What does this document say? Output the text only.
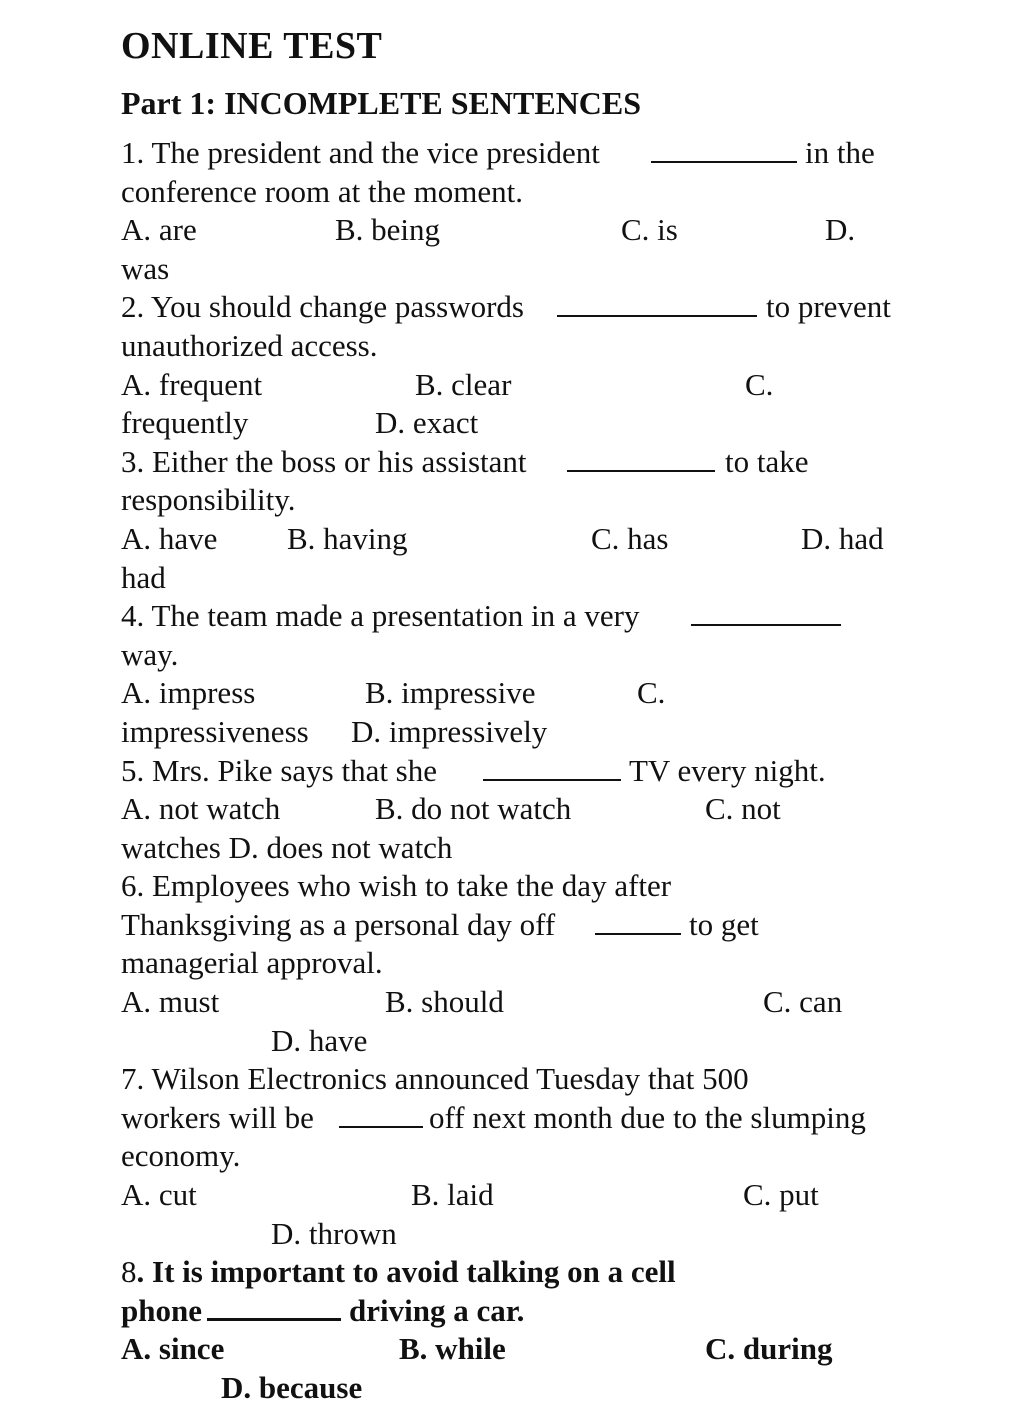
ONLINE TEST
Part 1: INCOMPLETE SENTENCES
1. The president and the vice president	in the
conference room at the moment.
A. are	B. being	C. is	D.
was
2. You should change passwords	to prevent
unauthorized access.
A. frequent	B. clear	C.
frequently	D. exact
3. Either the boss or his assistant	to take
responsibility.
A. have B. having	C. has	D. had
had
4. The team made a presentation in a very
way.
A. impress	B. impressive	C.
impressiveness D. impressively
5. Mrs. Pike says that she	TV every night.
A. not watch	B. do not watch	C. not
watches D. does not watch
6. Employees who wish to take the day after
Thanksgiving as a personal day off	to get
managerial approval.
A. must	B. should	C. can
D. have
7. Wilson Electronics announced Tuesday that 500
workers will be	off next month due to the slumping
economy.
A. cut	B. laid	C. put
D. thrown
8. It is important to avoid talking on a cell
phone	driving a car.
A. since	B. while	C. during
D. because
